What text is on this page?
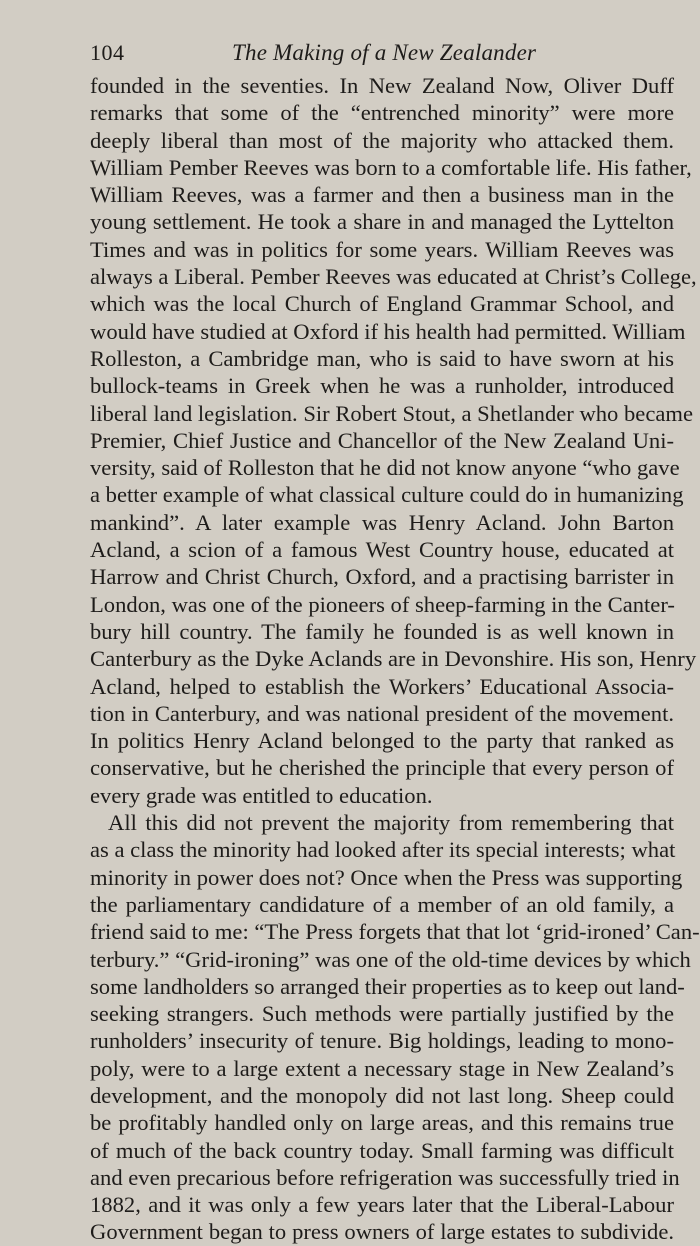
104	The Making of a New Zealander
founded in the seventies. In New Zealand Now, Oliver Duff
remarks that some of the “entrenched minority” were more
deeply liberal than most of the majority who attacked them.
William Pember Reeves was born to a comfortable life. His father,
William Reeves, was a farmer and then a business man in the
young settlement. He took a share in and managed the Lyttelton
Times and was in politics for some years. William Reeves was
always a Liberal. Pember Reeves was educated at Christ’s College,
which was the local Church of England Grammar School, and
would have studied at Oxford if his health had permitted. William
Rolleston, a Cambridge man, who is said to have sworn at his
bullock-teams in Greek when he was a runholder, introduced
liberal land legislation. Sir Robert Stout, a Shetlander who became
Premier, Chief Justice and Chancellor of the New Zealand Uni-
versity, said of Rolleston that he did not know anyone “who gave
a better example of what classical culture could do in humanizing
mankind”. A later example was Henry Acland. John Barton
Acland, a scion of a famous West Country house, educated at
Harrow and Christ Church, Oxford, and a practising barrister in
London, was one of the pioneers of sheep-farming in the Canter-
bury hill country. The family he founded is as well known in
Canterbury as the Dyke Aclands are in Devonshire. His son, Henry
Acland, helped to establish the Workers’ Educational Associa-
tion in Canterbury, and was national president of the movement.
In politics Henry Acland belonged to the party that ranked as
conservative, but he cherished the principle that every person of
every grade was entitled to education.
All this did not prevent the majority from remembering that
as a class the minority had looked after its special interests; what
minority in power does not? Once when the Press was supporting
the parliamentary candidature of a member of an old family, a
friend said to me: “The Press forgets that that lot ‘grid-ironed’ Can-
terbury.” “Grid-ironing” was one of the old-time devices by which
some landholders so arranged their properties as to keep out land-
seeking strangers. Such methods were partially justified by the
runholders’ insecurity of tenure. Big holdings, leading to mono-
poly, were to a large extent a necessary stage in New Zealand’s
development, and the monopoly did not last long. Sheep could
be profitably handled only on large areas, and this remains true
of much of the back country today. Small farming was difficult
and even precarious before refrigeration was successfully tried in
1882, and it was only a few years later that the Liberal-Labour
Government began to press owners of large estates to subdivide.
